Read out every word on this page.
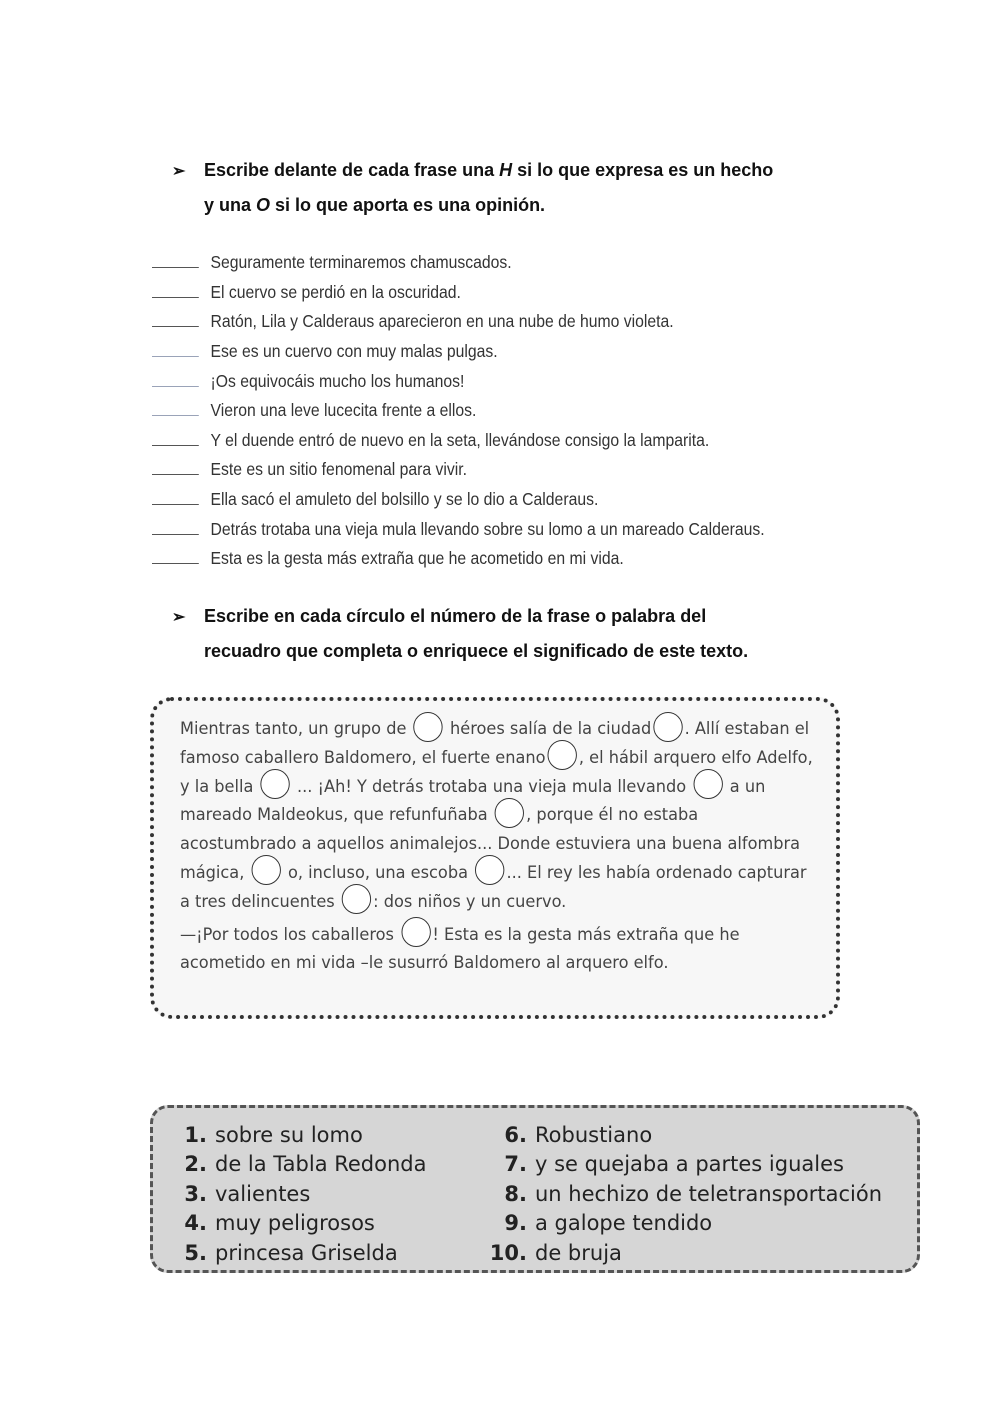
➢ Escribe delante de cada frase una H si lo que expresa es un hecho
y una O si lo que aporta es una opinión.
Seguramente terminaremos chamuscados.
El cuervo se perdió en la oscuridad.
Ratón, Lila y Calderaus aparecieron en una nube de humo violeta.
Ese es un cuervo con muy malas pulgas.
¡Os equivocáis mucho los humanos!
Vieron una leve lucecita frente a ellos.
Y el duende entró de nuevo en la seta, llevándose consigo la lamparita.
Este es un sitio fenomenal para vivir.
Ella sacó el amuleto del bolsillo y se lo dio a Calderaus.
Detrás trotaba una vieja mula llevando sobre su lomo a un mareado Calderaus.
Esta es la gesta más extraña que he acometido en mi vida.
➢ Escribe en cada círculo el número de la frase o palabra del
recuadro que completa o enriquece el significado de este texto.
Mientras tanto, un grupo de	héroes salía de la ciudad . Allí estaban el famoso caballero Baldomero, el fuerte enano , el hábil arquero elfo Adelfo, y la bella	... ¡Ah! Y detrás trotaba una vieja mula llevando	a un mareado Maldeokus, que refunfuñaba , porque él no estaba acostumbrado a aquellos animalejos... Donde estuviera una buena alfombra mágica,	o, incluso, una escoba ... El rey les había ordenado capturar a tres delincuentes : dos niños y un cuervo.
—¡Por todos los caballeros ! Esta es la gesta más extraña que he acometido en mi vida –le susurró Baldomero al arquero elfo.
1. sobre su lomo
2. de la Tabla Redonda
3. valientes
4. muy peligrosos
5. princesa Griselda
6. Robustiano
7. y se quejaba a partes iguales
8. un hechizo de teletransportación
9. a galope tendido
10. de bruja
